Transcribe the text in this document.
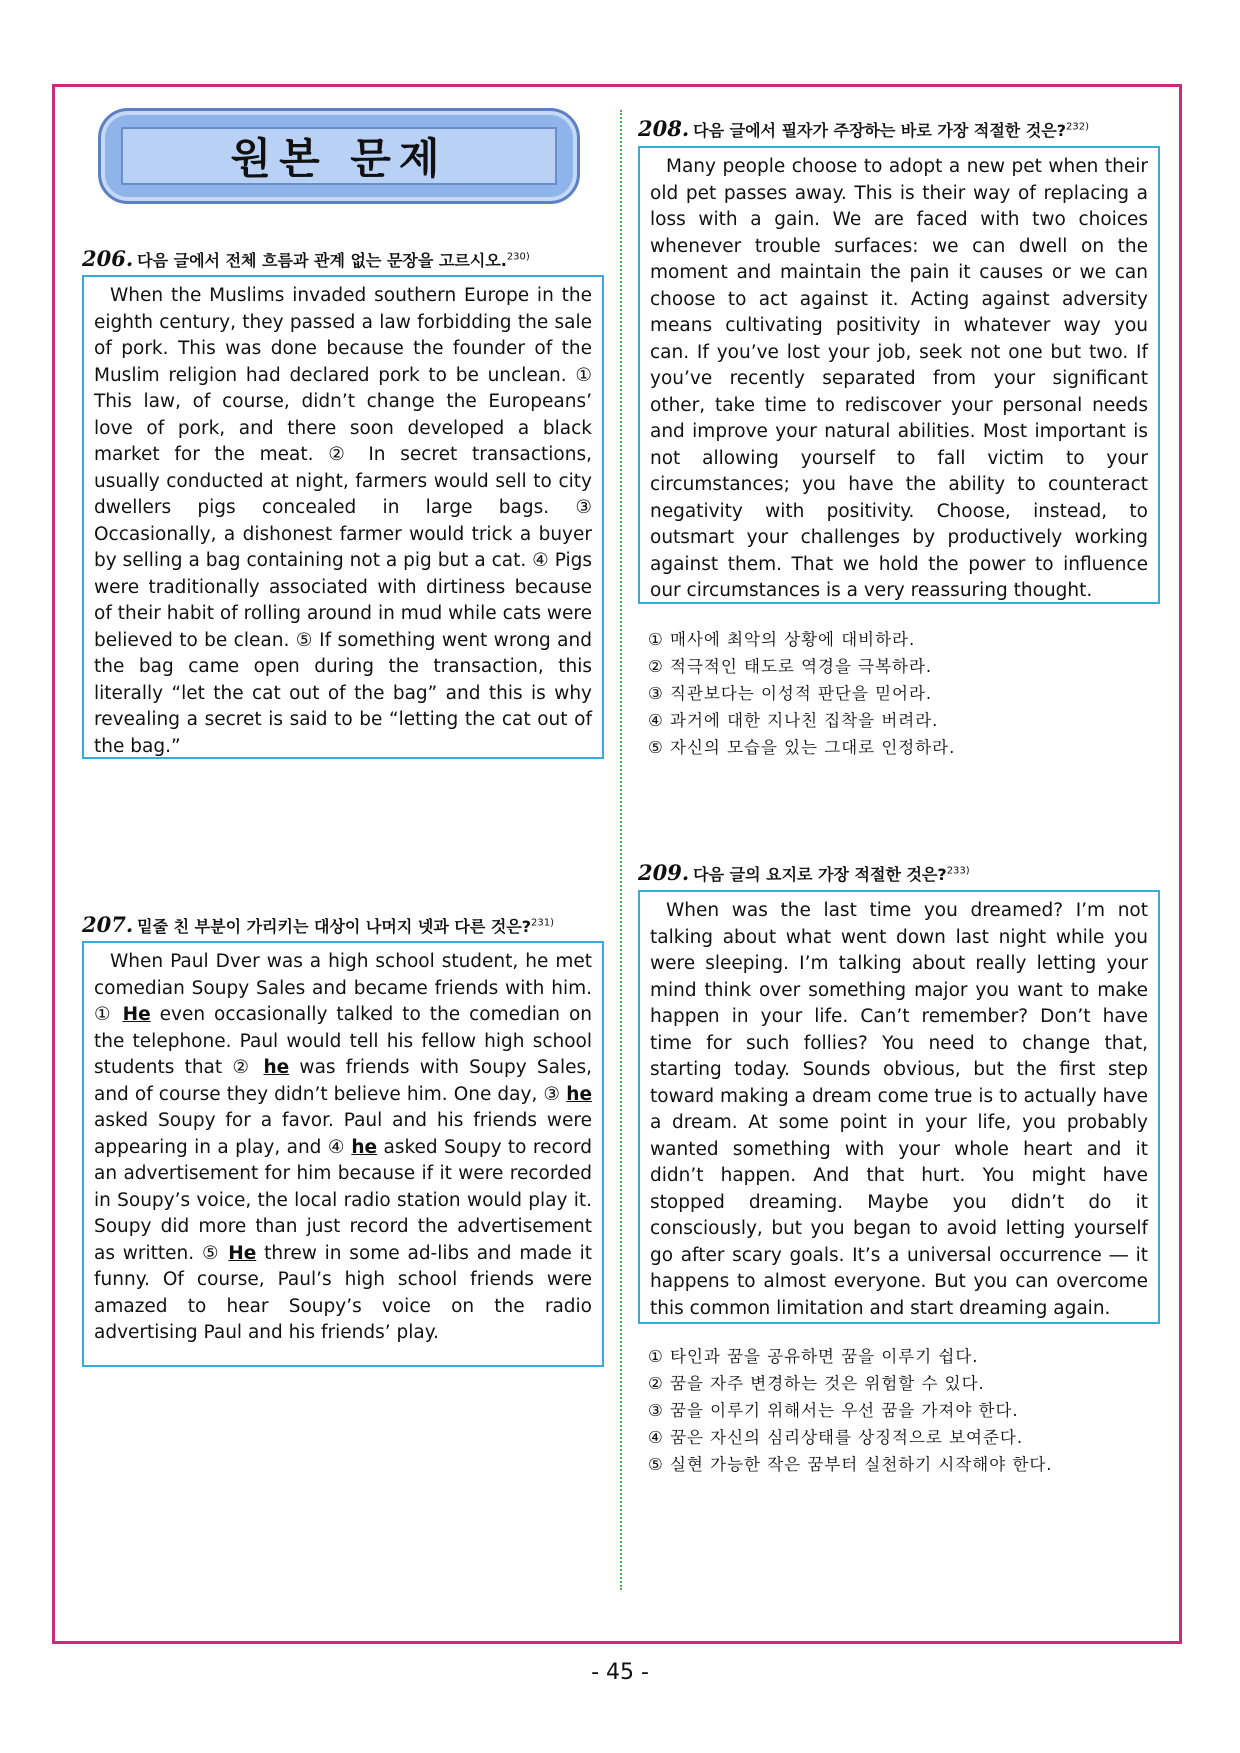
원본 문제
206. 다음 글에서 전체 흐름과 관계 없는 문장을 고르시오.$^{230)}$

When the Muslims invaded southern Europe in the eighth century, they passed a law forbidding the sale of pork. This was done because the founder of the Muslim religion had declared pork to be unclean. ① This law, of course, didn’t change the Europeans’ love of pork, and there soon developed a black market for the meat. ② In secret transactions, usually conducted at night, farmers would sell to city dwellers pigs concealed in large bags. ③ Occasionally, a dishonest farmer would trick a buyer by selling a bag containing not a pig but a cat. ④ Pigs were traditionally associated with dirtiness because of their habit of rolling around in mud while cats were believed to be clean. ⑤ If something went wrong and the bag came open during the transaction, this literally “let the cat out of the bag” and this is why revealing a secret is said to be “letting the cat out of the bag.”

207. 밑줄 친 부분이 가리키는 대상이 나머지 넷과 다른 것은?$^{231)}$

When Paul Dver was a high school student, he met comedian Soupy Sales and became friends with him. ① He even occasionally talked to the comedian on the telephone. Paul would tell his fellow high school students that ② he was friends with Soupy Sales, and of course they didn’t believe him. One day, ③ he asked Soupy for a favor. Paul and his friends were appearing in a play, and ④ he asked Soupy to record an advertisement for him because if it were recorded in Soupy’s voice, the local radio station would play it. Soupy did more than just record the advertisement as written. ⑤ He threw in some ad-libs and made it funny. Of course, Paul’s high school friends were amazed to hear Soupy’s voice on the radio advertising Paul and his friends’ play.

208. 다음 글에서 필자가 주장하는 바로 가장 적절한 것은?$^{232)}$

Many people choose to adopt a new pet when their old pet passes away. This is their way of replacing a loss with a gain. We are faced with two choices whenever trouble surfaces: we can dwell on the moment and maintain the pain it causes or we can choose to act against it. Acting against adversity means cultivating positivity in whatever way you can. If you’ve lost your job, seek not one but two. If you’ve recently separated from your significant other, take time to rediscover your personal needs and improve your natural abilities. Most important is not allowing yourself to fall victim to your circumstances; you have the ability to counteract negativity with positivity. Choose, instead, to outsmart your challenges by productively working against them. That we hold the power to influence our circumstances is a very reassuring thought.

① 매사에 최악의 상황에 대비하라.
② 적극적인 태도로 역경을 극복하라.
③ 직관보다는 이성적 판단을 믿어라.
④ 과거에 대한 지나친 집착을 버려라.
⑤ 자신의 모습을 있는 그대로 인정하라.
209. 다음 글의 요지로 가장 적절한 것은?$^{233)}$

When was the last time you dreamed? I’m not talking about what went down last night while you were sleeping. I’m talking about really letting your mind think over something major you want to make happen in your life. Can’t remember? Don’t have time for such follies? You need to change that, starting today. Sounds obvious, but the first step toward making a dream come true is to actually have a dream. At some point in your life, you probably wanted something with your whole heart and it didn’t happen. And that hurt. You might have stopped dreaming. Maybe you didn’t do it consciously, but you began to avoid letting yourself go after scary goals. It’s a universal occurrence ― it happens to almost everyone. But you can overcome this common limitation and start dreaming again.

① 타인과 꿈을 공유하면 꿈을 이루기 쉽다.
② 꿈을 자주 변경하는 것은 위험할 수 있다.
③ 꿈을 이루기 위해서는 우선 꿈을 가져야 한다.
④ 꿈은 자신의 심리상태를 상징적으로 보여준다.
⑤ 실현 가능한 작은 꿈부터 실천하기 시작해야 한다.
- 45 -
